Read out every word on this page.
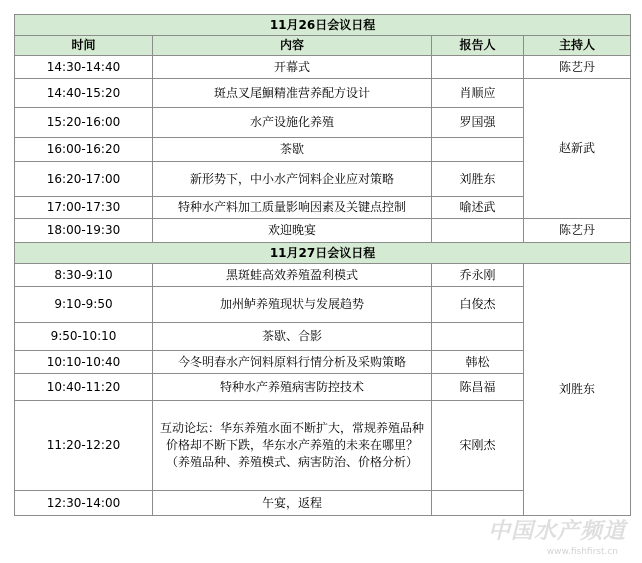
11月26日会议日程			
时间	内容	报告人	主持人
14:30-14:40	开幕式		陈艺丹
14:40-15:20	斑点叉尾鮰精准营养配方设计	肖顺应	赵新武
15:20-16:00	水产设施化养殖	罗国强	
16:00-16:20	茶歇		
16:20-17:00	新形势下，中小水产饲料企业应对策略	刘胜东	
17:00-17:30	特种水产料加工质量影响因素及关键点控制	喻述武	
18:00-19:30	欢迎晚宴		陈艺丹
11月27日会议日程			
8:30-9:10	黑斑蛙高效养殖盈利模式	乔永刚	刘胜东
9:10-9:50	加州鲈养殖现状与发展趋势	白俊杰	
9:50-10:10	茶歇、合影		
10:10-10:40	今冬明春水产饲料原料行情分析及采购策略	韩松	
10:40-11:20	特种水产养殖病害防控技术	陈昌福	
11:20-12:20	互动论坛：华东养殖水面不断扩大，常规养殖品种价格却不断下跌，华东水产养殖的未来在哪里？（养殖品种、养殖模式、病害防治、价格分析）	宋刚杰	
12:30-14:00	午宴，返程		
中国水产频道
www.fishfirst.cn
